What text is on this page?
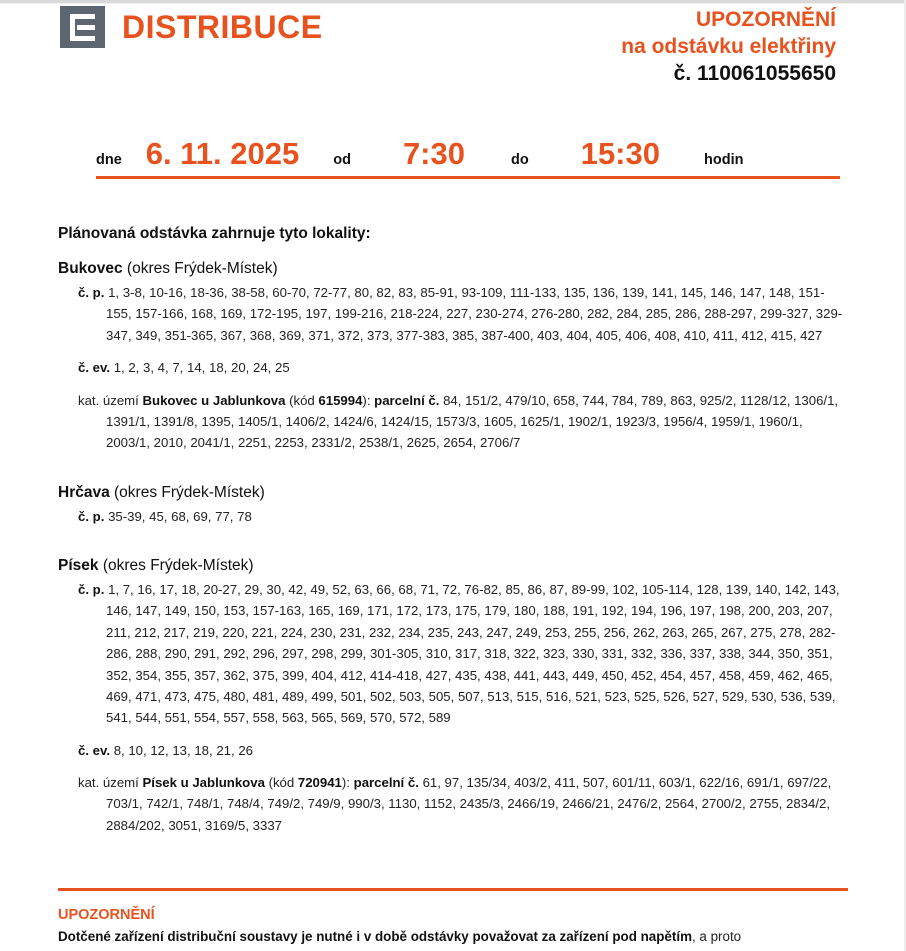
DISTRIBUCE	UPOZORNĚNÍ
na odstávku elektřiny
č. 110061055650
dne 6. 11. 2025 od 7:30	do 15:30	hodin
Plánovaná odstávka zahrnuje tyto lokality:
Bukovec (okres Frýdek-Místek)
č. p. 1, 3-8, 10-16, 18-36, 38-58, 60-70, 72-77, 80, 82, 83, 85-91, 93-109, 111-133, 135, 136, 139, 141, 145, 146, 147, 148, 151-155, 157-166, 168, 169, 172-195, 197, 199-216, 218-224, 227, 230-274, 276-280, 282, 284, 285, 286, 288-297, 299-327, 329-347, 349, 351-365, 367, 368, 369, 371, 372, 373, 377-383, 385, 387-400, 403, 404, 405, 406, 408, 410, 411, 412, 415, 427
č. ev. 1, 2, 3, 4, 7, 14, 18, 20, 24, 25
kat. území Bukovec u Jablunkova (kód 615994): parcelní č. 84, 151/2, 479/10, 658, 744, 784, 789, 863, 925/2, 1128/12, 1306/1, 1391/1, 1391/8, 1395, 1405/1, 1406/2, 1424/6, 1424/15, 1573/3, 1605, 1625/1, 1902/1, 1923/3, 1956/4, 1959/1, 1960/1, 2003/1, 2010, 2041/1, 2251, 2253, 2331/2, 2538/1, 2625, 2654, 2706/7
Hrčava (okres Frýdek-Místek)
č. p. 35-39, 45, 68, 69, 77, 78
Písek (okres Frýdek-Místek)
č. p. 1, 7, 16, 17, 18, 20-27, 29, 30, 42, 49, 52, 63, 66, 68, 71, 72, 76-82, 85, 86, 87, 89-99, 102, 105-114, 128, 139, 140, 142, 143, 146, 147, 149, 150, 153, 157-163, 165, 169, 171, 172, 173, 175, 179, 180, 188, 191, 192, 194, 196, 197, 198, 200, 203, 207, 211, 212, 217, 219, 220, 221, 224, 230, 231, 232, 234, 235, 243, 247, 249, 253, 255, 256, 262, 263, 265, 267, 275, 278, 282-286, 288, 290, 291, 292, 296, 297, 298, 299, 301-305, 310, 317, 318, 322, 323, 330, 331, 332, 336, 337, 338, 344, 350, 351, 352, 354, 355, 357, 362, 375, 399, 404, 412, 414-418, 427, 435, 438, 441, 443, 449, 450, 452, 454, 457, 458, 459, 462, 465, 469, 471, 473, 475, 480, 481, 489, 499, 501, 502, 503, 505, 507, 513, 515, 516, 521, 523, 525, 526, 527, 529, 530, 536, 539, 541, 544, 551, 554, 557, 558, 563, 565, 569, 570, 572, 589
č. ev. 8, 10, 12, 13, 18, 21, 26
kat. území Písek u Jablunkova (kód 720941): parcelní č. 61, 97, 135/34, 403/2, 411, 507, 601/11, 603/1, 622/16, 691/1, 697/22, 703/1, 742/1, 748/1, 748/4, 749/2, 749/9, 990/3, 1130, 1152, 2435/3, 2466/19, 2466/21, 2476/2, 2564, 2700/2, 2755, 2834/2, 2884/202, 3051, 3169/5, 3337
UPOZORNĚNÍ
Dotčené zařízení distribuční soustavy je nutné i v době odstávky považovat za zařízení pod napětím, a proto
